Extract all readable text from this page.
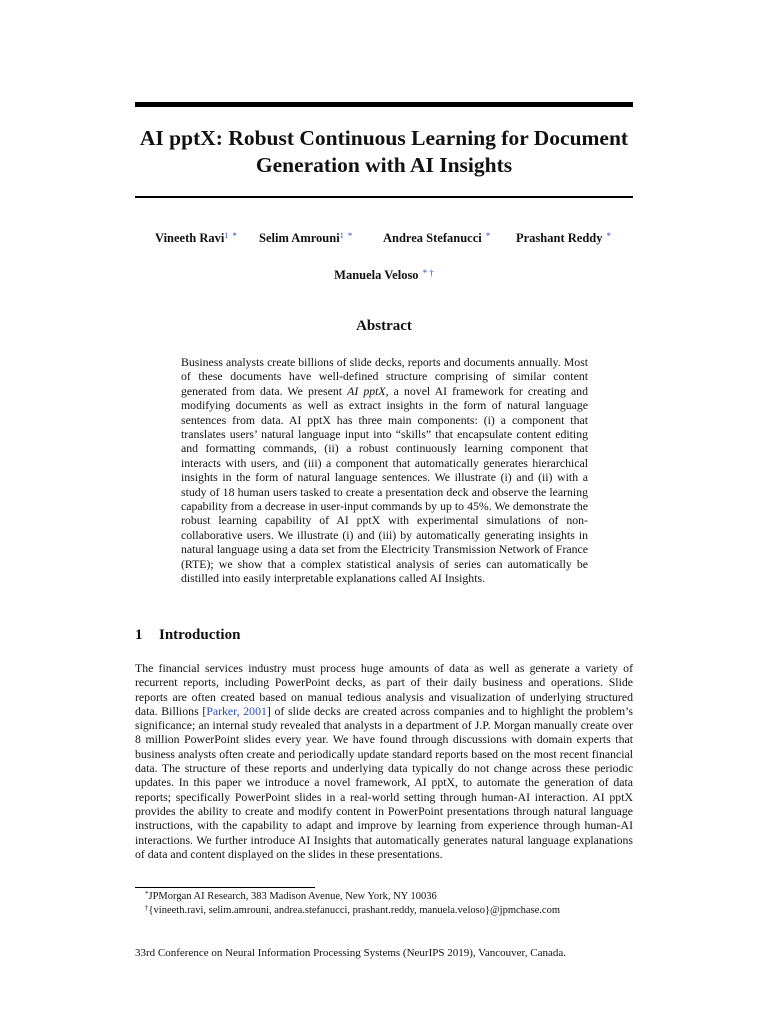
AI pptX: Robust Continuous Learning for Document Generation with AI Insights
Vineeth Ravi$^1$ * Selim Amrouni$^1$ * Andrea Stefanucci * Prashant Reddy *
Manuela Veloso * †
Abstract

Business analysts create billions of slide decks, reports and documents annually. Most of these documents have well-defined structure comprising of similar content generated from data. We present AI pptX, a novel AI framework for creating and modifying documents as well as extract insights in the form of natural language sentences from data. AI pptX has three main components: (i) a component that translates users’ natural language input into “skills” that encapsulate content editing and formatting commands, (ii) a robust continuously learning component that interacts with users, and (iii) a component that automatically generates hierarchical insights in the form of natural language sentences. We illustrate (i) and (ii) with a study of 18 human users tasked to create a presentation deck and observe the learning capability from a decrease in user-input commands by up to 45%. We demonstrate the robust learning capability of AI pptX with experimental simulations of non-collaborative users. We illustrate (i) and (iii) by automatically generating insights in natural language using a data set from the Electricity Transmission Network of France (RTE); we show that a complex statistical analysis of series can automatically be distilled into easily interpretable explanations called AI Insights.

1 Introduction

The financial services industry must process huge amounts of data as well as generate a variety of recurrent reports, including PowerPoint decks, as part of their daily business and operations. Slide reports are often created based on manual tedious analysis and visualization of underlying structured data. Billions [Parker, 2001] of slide decks are created across companies and to highlight the problem’s significance; an internal study revealed that analysts in a department of J.P. Morgan manually create over 8 million PowerPoint slides every year. We have found through discussions with domain experts that business analysts often create and periodically update standard reports based on the most recent financial data. The structure of these reports and underlying data typically do not change across these periodic updates. In this paper we introduce a novel framework, AI pptX, to automate the generation of data reports; specifically PowerPoint slides in a real-world setting through human-AI interaction. AI pptX provides the ability to create and modify content in PowerPoint presentations through natural language instructions, with the capability to adapt and improve by learning from experience through human-AI interactions. We further introduce AI Insights that automatically generates natural language explanations of data and content displayed on the slides in these presentations.

*JPMorgan AI Research, 383 Madison Avenue, New York, NY 10036

†{vineeth.ravi, selim.amrouni, andrea.stefanucci, prashant.reddy, manuela.veloso}@jpmchase.com

33rd Conference on Neural Information Processing Systems (NeurIPS 2019), Vancouver, Canada.
